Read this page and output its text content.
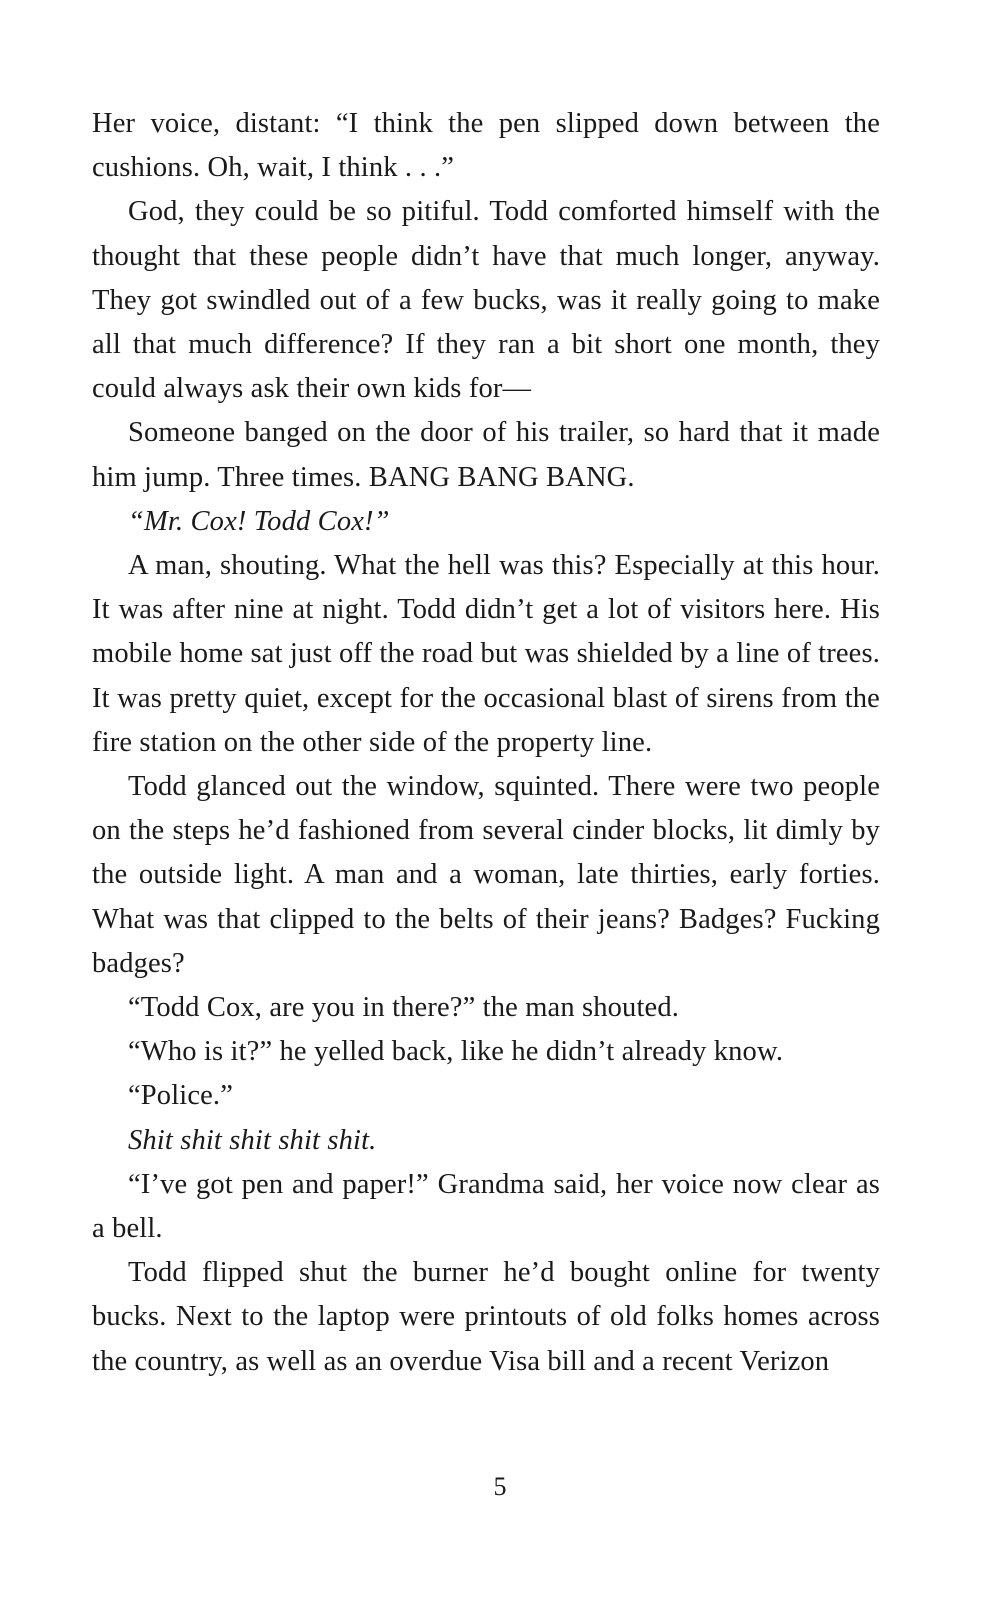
Her voice, distant: “I think the pen slipped down between the cushions. Oh, wait, I think . . .”

God, they could be so pitiful. Todd comforted himself with the thought that these people didn’t have that much longer, anyway. They got swindled out of a few bucks, was it really going to make all that much difference? If they ran a bit short one month, they could always ask their own kids for—

Someone banged on the door of his trailer, so hard that it made him jump. Three times. BANG BANG BANG.

“Mr. Cox! Todd Cox!”

A man, shouting. What the hell was this? Especially at this hour. It was after nine at night. Todd didn’t get a lot of visitors here. His mobile home sat just off the road but was shielded by a line of trees. It was pretty quiet, except for the occasional blast of sirens from the fire station on the other side of the property line.

Todd glanced out the window, squinted. There were two people on the steps he’d fashioned from several cinder blocks, lit dimly by the outside light. A man and a woman, late thirties, early forties. What was that clipped to the belts of their jeans? Badges? Fucking badges?

“Todd Cox, are you in there?” the man shouted.

“Who is it?” he yelled back, like he didn’t already know.

“Police.”

Shit shit shit shit shit.

“I’ve got pen and paper!” Grandma said, her voice now clear as a bell.

Todd flipped shut the burner he’d bought online for twenty bucks. Next to the laptop were printouts of old folks homes across the country, as well as an overdue Visa bill and a recent Verizon

5
